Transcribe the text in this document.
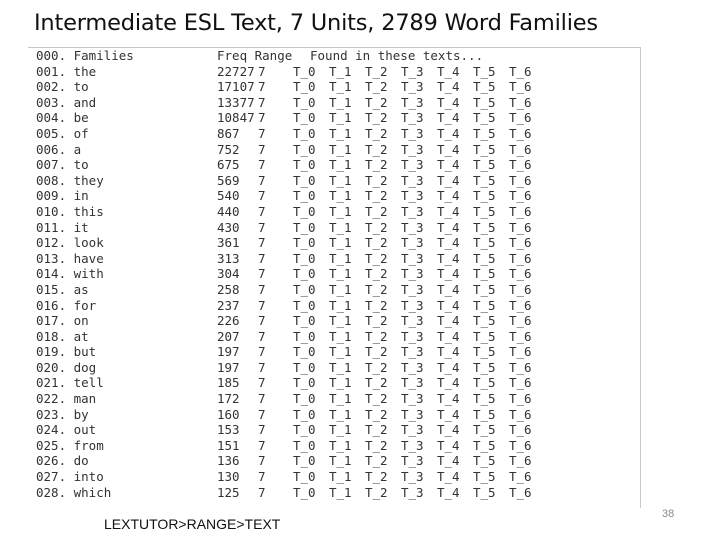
Intermediate ESL Text, 7 Units, 2789 Word Families
000. Families	Freq Range		Found in these texts...						
001. the	22727	7	T_0	T_1	T_2	T_3	T_4	T_5	T_6
002. to	17107	7	T_0	T_1	T_2	T_3	T_4	T_5	T_6
003. and	13377	7	T_0	T_1	T_2	T_3	T_4	T_5	T_6
004. be	10847	7	T_0	T_1	T_2	T_3	T_4	T_5	T_6
005. of	867	7	T_0	T_1	T_2	T_3	T_4	T_5	T_6
006. a	752	7	T_0	T_1	T_2	T_3	T_4	T_5	T_6
007. to	675	7	T_0	T_1	T_2	T_3	T_4	T_5	T_6
008. they	569	7	T_0	T_1	T_2	T_3	T_4	T_5	T_6
009. in	540	7	T_0	T_1	T_2	T_3	T_4	T_5	T_6
010. this	440	7	T_0	T_1	T_2	T_3	T_4	T_5	T_6
011. it	430	7	T_0	T_1	T_2	T_3	T_4	T_5	T_6
012. look	361	7	T_0	T_1	T_2	T_3	T_4	T_5	T_6
013. have	313	7	T_0	T_1	T_2	T_3	T_4	T_5	T_6
014. with	304	7	T_0	T_1	T_2	T_3	T_4	T_5	T_6
015. as	258	7	T_0	T_1	T_2	T_3	T_4	T_5	T_6
016. for	237	7	T_0	T_1	T_2	T_3	T_4	T_5	T_6
017. on	226	7	T_0	T_1	T_2	T_3	T_4	T_5	T_6
018. at	207	7	T_0	T_1	T_2	T_3	T_4	T_5	T_6
019. but	197	7	T_0	T_1	T_2	T_3	T_4	T_5	T_6
020. dog	197	7	T_0	T_1	T_2	T_3	T_4	T_5	T_6
021. tell	185	7	T_0	T_1	T_2	T_3	T_4	T_5	T_6
022. man	172	7	T_0	T_1	T_2	T_3	T_4	T_5	T_6
023. by	160	7	T_0	T_1	T_2	T_3	T_4	T_5	T_6
024. out	153	7	T_0	T_1	T_2	T_3	T_4	T_5	T_6
025. from	151	7	T_0	T_1	T_2	T_3	T_4	T_5	T_6
026. do	136	7	T_0	T_1	T_2	T_3	T_4	T_5	T_6
027. into	130	7	T_0	T_1	T_2	T_3	T_4	T_5	T_6
028. which	125	7	T_0	T_1	T_2	T_3	T_4	T_5	T_6
LEXTUTOR>RANGE>TEXT
38
